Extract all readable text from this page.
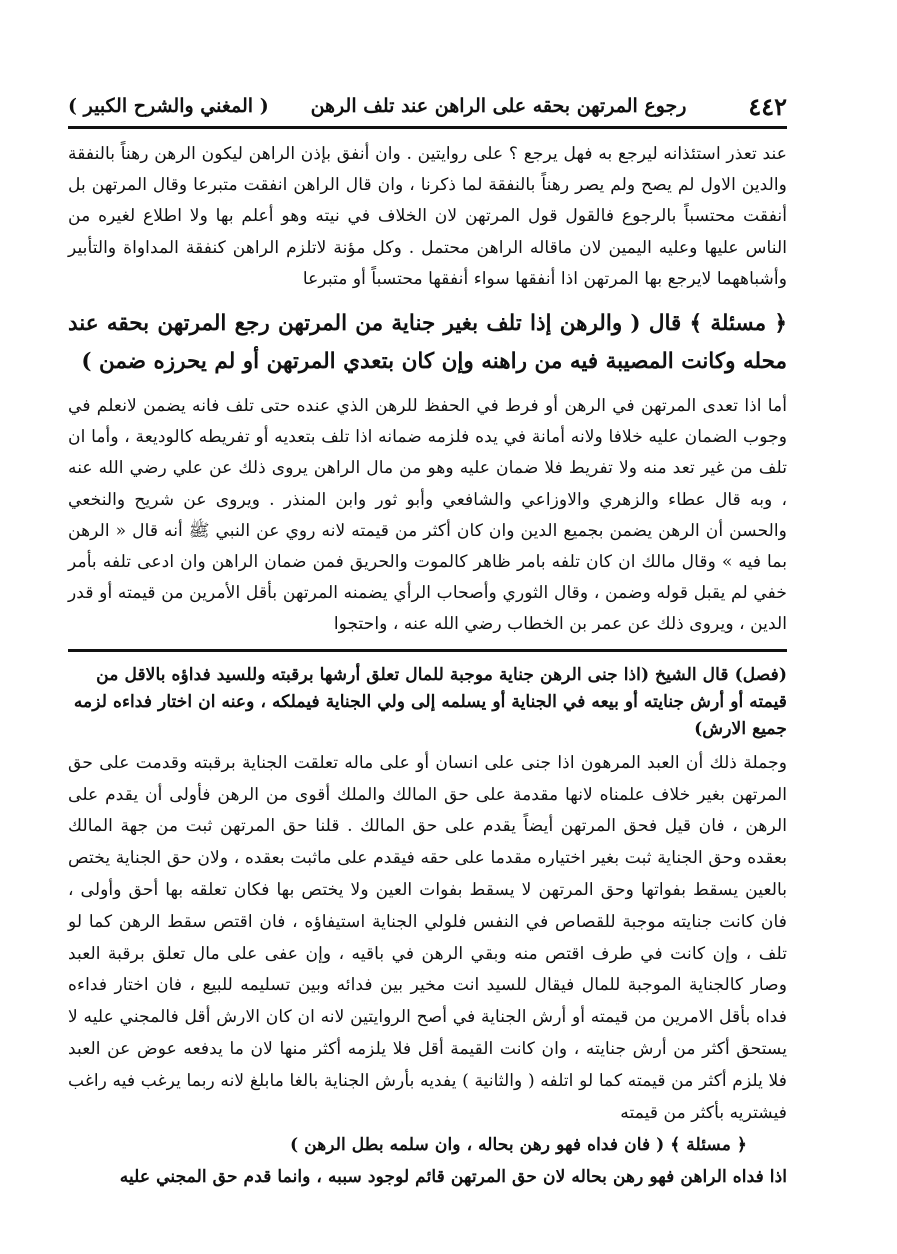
٤٤٢
رجوع المرتهن بحقه على الراهن عند تلف الرهن
( المغني والشرح الكبير )

عند تعذر استئذانه ليرجع به فهل يرجع ؟ على روايتين . وان أنفق بإذن الراهن ليكون الرهن رهناً بالنفقة والدين الاول لم يصح ولم يصر رهناً بالنفقة لما ذكرنا ، وان قال الراهن انفقت متبرعا وقال المرتهن بل أنفقت محتسباً بالرجوع فالقول قول المرتهن لان الخلاف في نيته وهو أعلم بها ولا اطلاع لغيره من الناس عليها وعليه اليمين لان ماقاله الراهن محتمل . وكل مؤنة لاتلزم الراهن كنفقة المداواة والتأبير وأشباههما لايرجع بها المرتهن اذا أنفقها سواء أنفقها محتسباً أو متبرعا

﴿ مسئلة ﴾ قال ( والرهن إذا تلف بغير جناية من المرتهن رجع المرتهن بحقه عند محله وكانت المصيبة فيه من راهنه وإن كان بتعدي المرتهن أو لم يحرزه ضمن )

أما اذا تعدى المرتهن في الرهن أو فرط في الحفظ للرهن الذي عنده حتى تلف فانه يضمن لانعلم في وجوب الضمان عليه خلافا ولانه أمانة في يده فلزمه ضمانه اذا تلف بتعديه أو تفريطه كالوديعة ، وأما ان تلف من غير تعد منه ولا تفريط فلا ضمان عليه وهو من مال الراهن يروى ذلك عن علي رضي الله عنه ، وبه قال عطاء والزهري والاوزاعي والشافعي وأبو ثور وابن المنذر . ويروى عن شريح والنخعي والحسن أن الرهن يضمن بجميع الدين وان كان أكثر من قيمته لانه روي عن النبي ﷺ أنه قال « الرهن بما فيه » وقال مالك ان كان تلفه بامر ظاهر كالموت والحريق فمن ضمان الراهن وان ادعى تلفه بأمر خفي لم يقبل قوله وضمن ، وقال الثوري وأصحاب الرأي يضمنه المرتهن بأقل الأمرين من قيمته أو قدر الدين ، ويروى ذلك عن عمر بن الخطاب رضي الله عنه ، واحتجوا

(فصل) قال الشيخ (اذا جنى الرهن جناية موجبة للمال تعلق أرشها برقبته وللسيد فداؤه بالاقل من قيمته أو أرش جنايته أو بيعه في الجناية أو يسلمه إلى ولي الجناية فيملكه ، وعنه ان اختار فداءه لزمه جميع الارش)

وجملة ذلك أن العبد المرهون اذا جنى على انسان أو على ماله تعلقت الجناية برقبته وقدمت على حق المرتهن بغير خلاف علمناه لانها مقدمة على حق المالك والملك أقوى من الرهن فأولى أن يقدم على الرهن ، فان قيل فحق المرتهن أيضاً يقدم على حق المالك . قلنا حق المرتهن ثبت من جهة المالك بعقده وحق الجناية ثبت بغير اختياره مقدما على حقه فيقدم على ماثبت بعقده ، ولان حق الجناية يختص بالعين يسقط بفواتها وحق المرتهن لا يسقط بفوات العين ولا يختص بها فكان تعلقه بها أحق وأولى ، فان كانت جنايته موجبة للقصاص في النفس فلولي الجناية استيفاؤه ، فان اقتص سقط الرهن كما لو تلف ، وإن كانت في طرف اقتص منه وبقي الرهن في باقيه ، وإن عفى على مال تعلق برقبة العبد وصار كالجناية الموجبة للمال فيقال للسيد انت مخير بين فدائه وبين تسليمه للبيع ، فان اختار فداءه فداه بأقل الامرين من قيمته أو أرش الجناية في أصح الروايتين لانه ان كان الارش أقل فالمجني عليه لا يستحق أكثر من أرش جنايته ، وان كانت القيمة أقل فلا يلزمه أكثر منها لان ما يدفعه عوض عن العبد فلا يلزم أكثر من قيمته كما لو اتلفه ( والثانية ) يفديه بأرش الجناية بالغا مابلغ لانه ربما يرغب فيه راغب فيشتريه بأكثر من قيمته

﴿ مسئلة ﴾ ( فان فداه فهو رهن بحاله ، وان سلمه بطل الرهن )

اذا فداه الراهن فهو رهن بحاله لان حق المرتهن قائم لوجود سببه ، وانما قدم حق المجني عليه
